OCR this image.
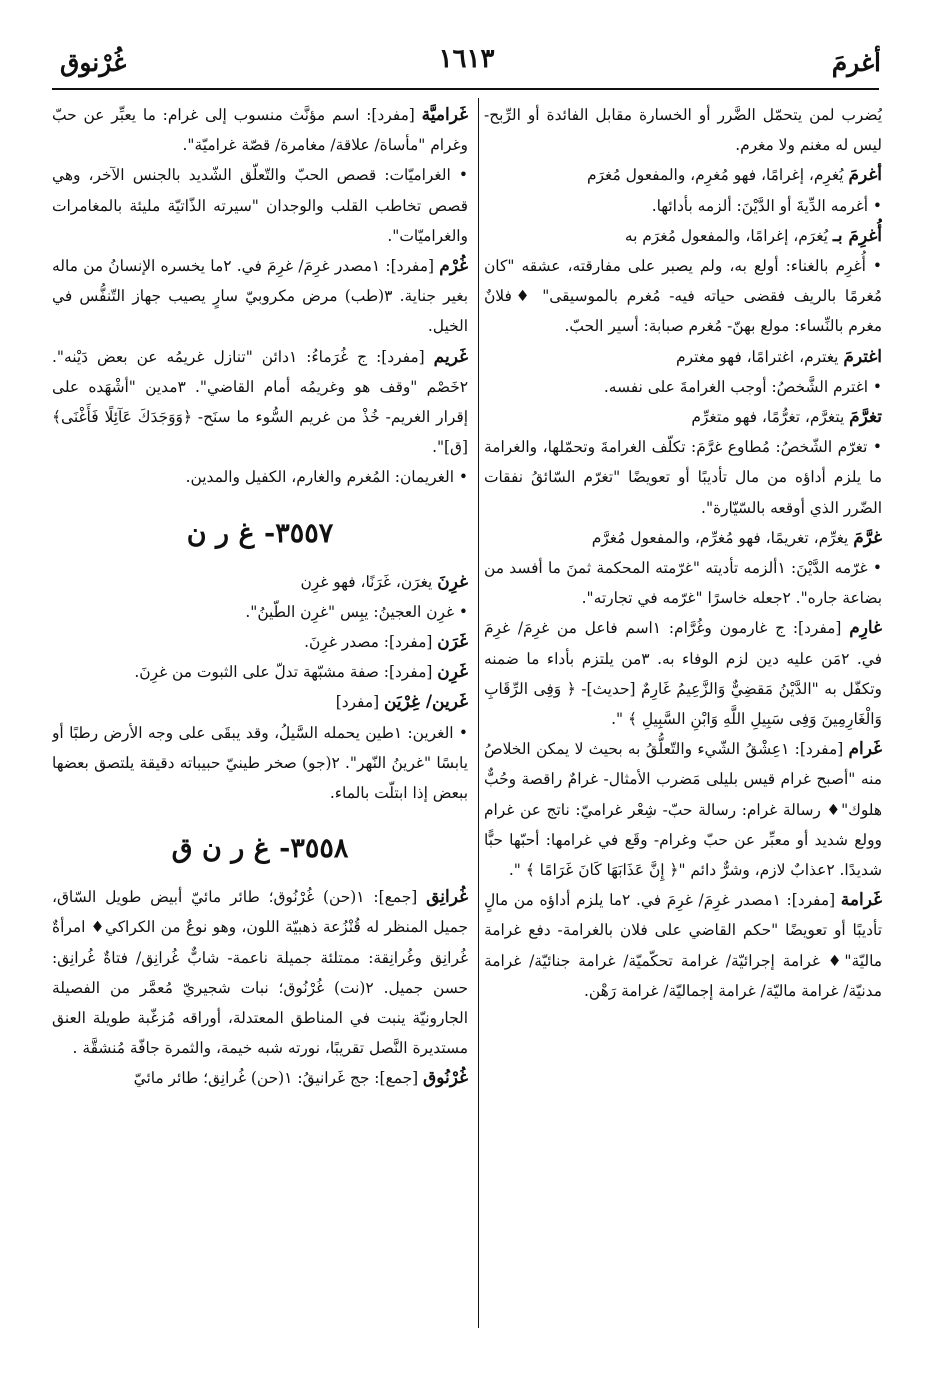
أغرمَ
١٦١٣
غُرْنوق

يُضرب لمن يتحمّل الضَّرر أو الخسارة مقابل الفائدة أو الرِّبح- ليس له مغنم ولا مغرم.

أغرمَ يُغرِم، إغرامًا، فهو مُغرِم، والمفعول مُغرَم

• أغرمه الدِّيةَ أو الدَّيْنَ: ألزمه بأدائها.

أُغرِمَ بـ يُغرَم، إغرامًا، والمفعول مُغرَم به

• أُغرِم بالغناء: أولع به، ولم يصبر على مفارقته، عشقه "كان مُغرمًا بالريف فقضى حياته فيه- مُغرم بالموسيقى" ♦فلانٌ مغرم بالنِّساء: مولع بهنّ- مُغرم صبابة: أسير الحبّ.

اغترمَ يغترم، اغترامًا، فهو مغترم

• اغترم الشَّخصُ: أوجب الغرامةَ على نفسه.

تغرَّمَ يتغرَّم، تغرُّمًا، فهو متغرِّم

• تغرّم الشّخصُ: مُطاوع غرَّمَ: تكلّف الغرامةَ وتحمّلها، والغرامة ما يلزم أداؤه من مال تأديبًا أو تعويضًا "تغرّم السّائقُ نفقات الضّرر الذي أوقعه بالسّيّارة".

غرَّمَ يغرِّم، تغريمًا، فهو مُغرِّم، والمفعول مُغرَّم

• غرّمه الدَّيْنَ: ١ألزمه تأديته "غرّمته المحكمة ثمنَ ما أفسد من بضاعة جاره". ٢جعله خاسرًا "غرّمه في تجارته".

غارِم [مفرد]: ج غارمون وغُرَّام: ١اسم فاعل من غرِمَ/ غرِمَ في. ٢مَن عليه دين لزم الوفاء به. ٣من يلتزم بأداء ما ضمنه وتكفّل به "الدَّيْنُ مَقضِيٌّ وَالزَّعِيمُ غَارِمٌ [حديث]- ﴿ وَفِى الرِّقَابِ وَالْغَارِمِينَ وَفِى سَبِيلِ اللَّهِ وَابْنِ السَّبِيلِ ﴾ ".

غَرام [مفرد]: ١عِشْقُ الشّيء والتّعلُّقُ به بحيث لا يمكن الخلاصُ منه "أصبح غرام قيس بليلى مَضرب الأمثال- غرامٌ راقصة وحُبٌّ هلوك"♦ رسالة غرام: رسالة حبّ- شِعْر غراميّ: ناتج عن غرام وولع شديد أو معبِّر عن حبّ وغرام- وقَع في غرامها: أحبّها حبًّا شديدًا. ٢عذابٌ لازم، وشرٌّ دائم "﴿ إِنَّ عَذَابَهَا كَانَ غَرَامًا ﴾ ".

غَرامة [مفرد]: ١مصدر غرِمَ/ غرِمَ في. ٢ما يلزم أداؤه من مالٍ تأديبًا أو تعويضًا "حكم القاضي على فلان بالغرامة- دفع غرامة ماليّة"♦ غرامة إجرائيّة/ غرامة تحكّميّة/ غرامة جنائيّة/ غرامة مدنيّة/ غرامة ماليّة/ غرامة إجماليّة/ غرامة رَهْن.

غَراميَّة [مفرد]: اسم مؤنَّث منسوب إلى غرام: ما يعبِّر عن حبّ وغرام "مأساة/ علاقة/ مغامرة/ قصّة غراميّة".

• الغراميّات: قصص الحبّ والتّعلّق الشّديد بالجنس الآخر، وهي قصص تخاطب القلب والوجدان "سيرته الذّاتيّة مليئة بالمغامرات والغراميّات".

غُرْم [مفرد]: ١مصدر غرِمَ/ غرِمَ في. ٢ما يخسره الإنسانُ من ماله بغير جناية. ٣(طب) مرض مكروبيّ سارٍ يصيب جهاز التّنفُّس في الخيل.

غَريم [مفرد]: ج غُرَماءُ: ١دائن "تنازل غريمُه عن بعض دَيْنه". ٢خَصْم "وقف هو وغريمُه أمام القاضي". ٣مدين "أشْهَده على إقرار الغريم- خُذْ من غريم السُّوء ما سنَح- ﴿وَوَجَدَكَ عَآئِلًا فَأَغْنَى﴾ [ق]".

• الغريمان: المُغرم والغارم، الكفيل والمدين.

٣٥٥٧- غ ر ن

غرِنَ يغرَن، غَرَنًا، فهو غرِن

• غرِن العجينُ: يبِس "غرِن الطّينُ".

غَرَن [مفرد]: مصدر غرِنَ.

غَرِن [مفرد]: صفة مشبّهة تدلّ على الثبوت من غرِنَ.

غَرين/ غِرْيَن [مفرد]

• الغرين: ١طين يحمله السَّيلُ، وقد يبقَى على وجه الأرض رطبًا أو يابسًا "غرينُ النّهر". ٢(جو) صخر طينيّ حبيباته دقيقة يلتصق بعضها ببعض إذا ابتلّت بالماء.

٣٥٥٨- غ ر ن ق

غُرانِق [جمع]: ١(حن) غُرْنُوق؛ طائر مائيّ أبيض طويل السّاق، جميل المنظر له قُنْزُعة ذهبيّة اللون، وهو نوعٌ من الكراكي♦ امرأةٌ غُرانِق وغُرانِقة: ممتلئة جميلة ناعمة- شابٌّ غُرانِق/ فتاةٌ غُرانِق: حسن جميل. ٢(نت) غُرْنُوق؛ نبات شجيريّ مُعمَّر من الفصيلة الجارونيّة ينبت في المناطق المعتدلة، أوراقه مُزغّبة طويلة العنق مستديرة النَّصل تقريبًا، نورته شبه خيمة، والثمرة جافّة مُنشقَّة .

غُرْنُوق [جمع]: جج غَرانيقُ: ١(حن) غُرانِق؛ طائر مائيّ
